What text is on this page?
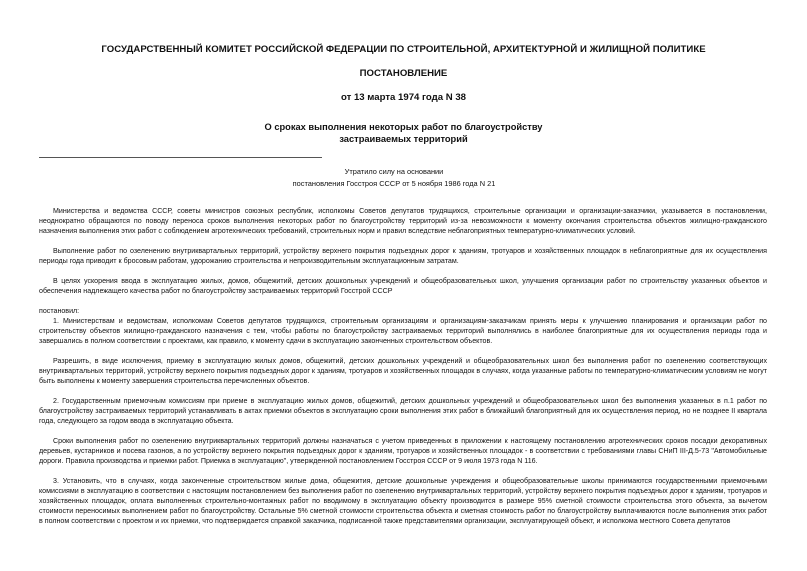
ГОСУДАРСТВЕННЫЙ КОМИТЕТ РОССИЙСКОЙ ФЕДЕРАЦИИ ПО СТРОИТЕЛЬНОЙ, АРХИТЕКТУРНОЙ И ЖИЛИЩНОЙ ПОЛИТИКЕ
ПОСТАНОВЛЕНИЕ
от 13 марта 1974 года N 38
О сроках выполнения некоторых работ по благоустройству
застраиваемых территорий
Утратило силу на основании
постановления Госстроя СССР от 5 ноября 1986 года N 21

Министерства и ведомства СССР, советы министров союзных республик, исполкомы Советов депутатов трудящихся, строительные организации и организации-заказчики, указывается в постановлении, неоднократно обращаются по поводу переноса сроков выполнения некоторых работ по благоустройству территорий из-за невозможности к моменту окончания строительства объектов жилищно-гражданского назначения выполнения этих работ с соблюдением агротехнических требований, строительных норм и правил вследствие неблагоприятных температурно-климатических условий.

Выполнение работ по озеленению внутриквартальных территорий, устройству верхнего покрытия подъездных дорог к зданиям, тротуаров и хозяйственных площадок в неблагоприятные для их осуществления периоды года приводит к бросовым работам, удорожанию строительства и непроизводительным эксплуатационным затратам.

В целях ускорения ввода в эксплуатацию жилых, домов, общежитий, детских дошкольных учреждений и общеобразовательных школ, улучшения организации работ по строительству указанных объектов и обеспечения надлежащего качества работ по благоустройству застраиваемых территорий Госстрой СССР

постановил:

1. Министерствам и ведомствам, исполкомам Советов депутатов трудящихся, строительным организациям и организациям-заказчикам принять меры к улучшению планирования и организации работ по строительству объектов жилищно-гражданского назначения с тем, чтобы работы по благоустройству застраиваемых территорий выполнялись в наиболее благоприятные для их осуществления периоды года и завершались в полном соответствии с проектами, как правило, к моменту сдачи в эксплуатацию законченных строительством объектов.

Разрешить, в виде исключения, приемку в эксплуатацию жилых домов, общежитий, детских дошкольных учреждений и общеобразовательных школ без выполнения работ по озеленению соответствующих внутриквартальных территорий, устройству верхнего покрытия подъездных дорог к зданиям, тротуаров и хозяйственных площадок в случаях, когда указанные работы по температурно-климатическим условиям не могут быть выполнены к моменту завершения строительства перечисленных объектов.

2. Государственным приемочным комиссиям при приеме в эксплуатацию жилых домов, общежитий, детских дошкольных учреждений и общеобразовательных школ без выполнения указанных в п.1 работ по благоустройству застраиваемых территорий устанавливать в актах приемки объектов в эксплуатацию сроки выполнения этих работ в ближайший благоприятный для их осуществления период, но не позднее II квартала года, следующего за годом ввода в эксплуатацию объекта.

Сроки выполнения работ по озеленению внутриквартальных территорий должны назначаться с учетом приведенных в приложении к настоящему постановлению агротехнических сроков посадки декоративных деревьев, кустарников и посева газонов, а по устройству верхнего покрытия подъездных дорог к зданиям, тротуаров и хозяйственных площадок - в соответствии с требованиями главы СНиП III-Д.5-73 "Автомобильные дороги. Правила производства и приемки работ. Приемка в эксплуатацию", утвержденной постановлением Госстроя СССР от 9 июля 1973 года N 116.

3. Установить, что в случаях, когда законченные строительством жилые дома, общежития, детские дошкольные учреждения и общеобразовательные школы принимаются государственными приемочными комиссиями в эксплуатацию в соответствии с настоящим постановлением без выполнения работ по озеленению внутриквартальных территорий, устройству верхнего покрытия подъездных дорог к зданиям, тротуаров и хозяйственных площадок, оплата выполненных строительно-монтажных работ по вводимому в эксплуатацию объекту производится в размере 95% сметной стоимости строительства этого объекта, за вычетом стоимости переносимых выполнением работ по благоустройству. Остальные 5% сметной стоимости строительства объекта и сметная стоимость работ по благоустройству выплачиваются после выполнения этих работ в полном соответствии с проектом и их приемки, что подтверждается справкой заказчика, подписанной также представителями организации, эксплуатирующей объект, и исполкома местного Совета депутатов
